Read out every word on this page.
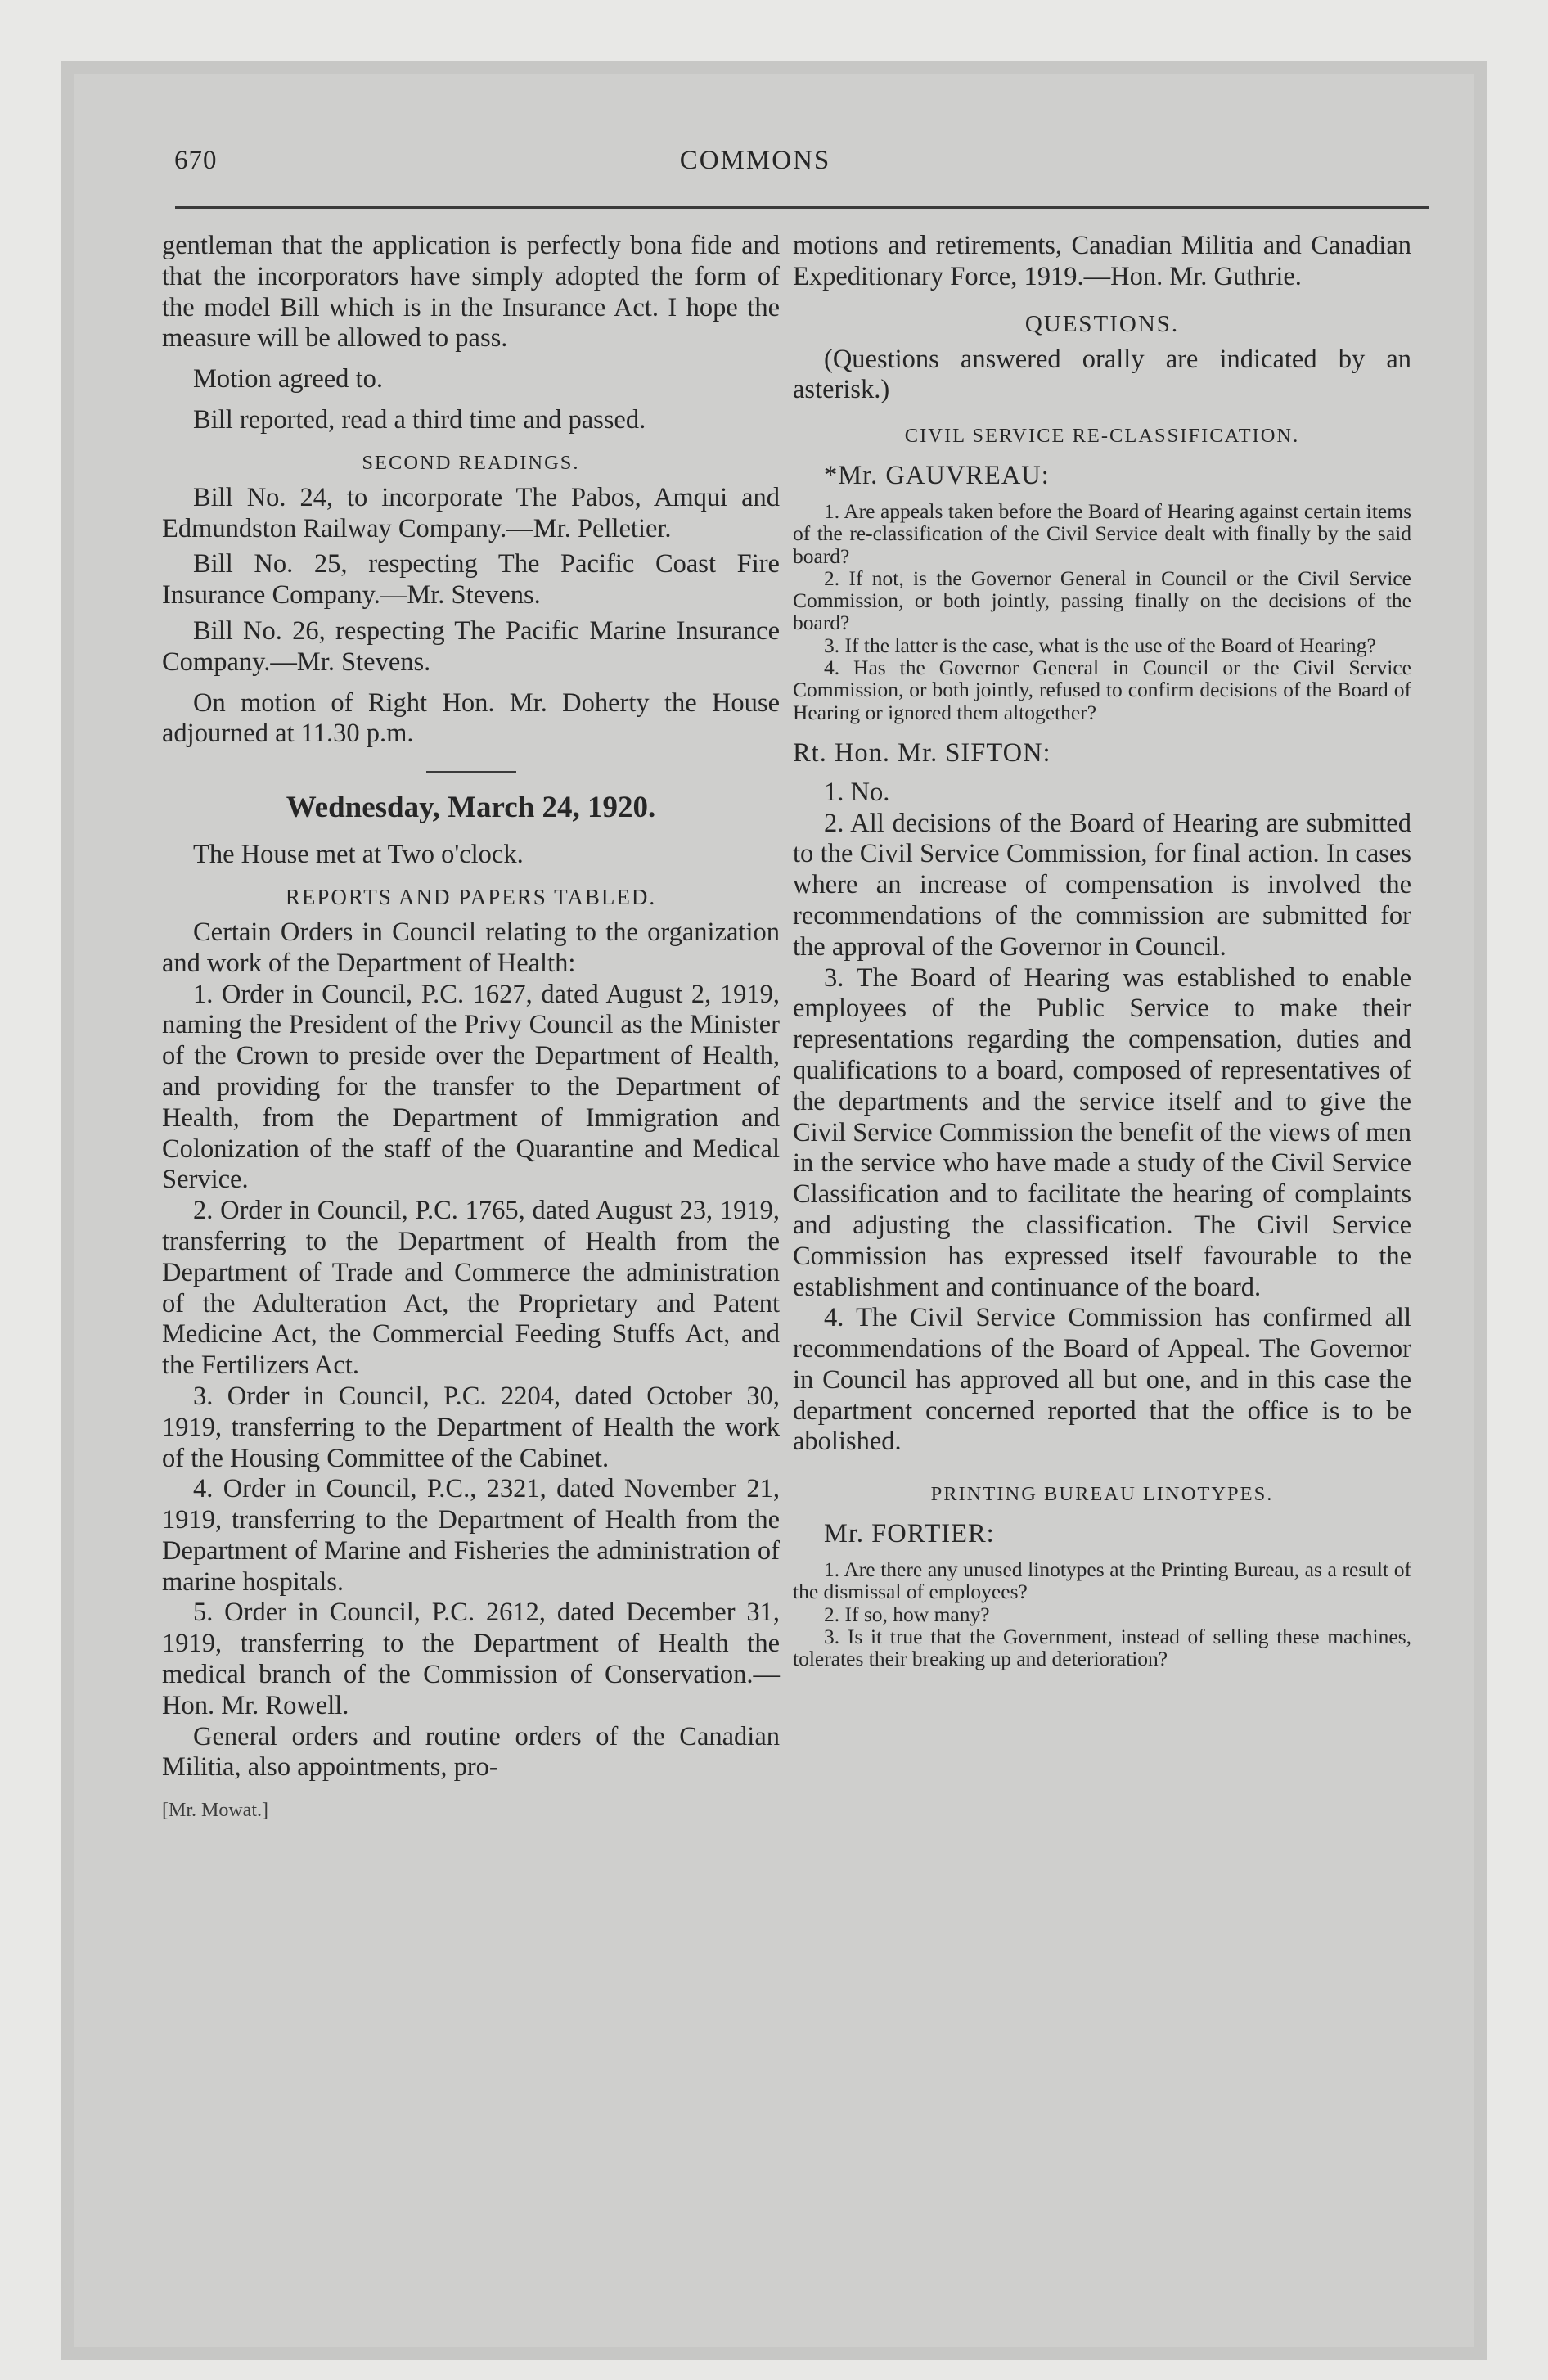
670	COMMONS

gentleman that the application is perfectly bona fide and that the incorporators have simply adopted the form of the model Bill which is in the Insurance Act. I hope the measure will be allowed to pass.

Motion agreed to.

Bill reported, read a third time and passed.

SECOND READINGS.

Bill No. 24, to incorporate The Pabos, Amqui and Edmundston Railway Company.—Mr. Pelletier.

Bill No. 25, respecting The Pacific Coast Fire Insurance Company.—Mr. Stevens.

Bill No. 26, respecting The Pacific Marine Insurance Company.—Mr. Stevens.

On motion of Right Hon. Mr. Doherty the House adjourned at 11.30 p.m.

Wednesday, March 24, 1920.

The House met at Two o'clock.

REPORTS AND PAPERS TABLED.

Certain Orders in Council relating to the organization and work of the Department of Health:

1. Order in Council, P.C. 1627, dated August 2, 1919, naming the President of the Privy Council as the Minister of the Crown to preside over the Department of Health, and providing for the transfer to the Department of Health, from the Department of Immigration and Colonization of the staff of the Quarantine and Medical Service.

2. Order in Council, P.C. 1765, dated August 23, 1919, transferring to the Department of Health from the Department of Trade and Commerce the administration of the Adulteration Act, the Proprietary and Patent Medicine Act, the Commercial Feeding Stuffs Act, and the Fertilizers Act.

3. Order in Council, P.C. 2204, dated October 30, 1919, transferring to the Department of Health the work of the Housing Committee of the Cabinet.

4. Order in Council, P.C., 2321, dated November 21, 1919, transferring to the Department of Health from the Department of Marine and Fisheries the administration of marine hospitals.

5. Order in Council, P.C. 2612, dated December 31, 1919, transferring to the Department of Health the medical branch of the Commission of Conservation.—Hon. Mr. Rowell.

General orders and routine orders of the Canadian Militia, also appointments, pro-

[Mr. Mowat.]

motions and retirements, Canadian Militia and Canadian Expeditionary Force, 1919.—Hon. Mr. Guthrie.

QUESTIONS.

(Questions answered orally are indicated by an asterisk.)

CIVIL SERVICE RE-CLASSIFICATION.
*Mr. GAUVREAU:

1. Are appeals taken before the Board of Hearing against certain items of the re-classification of the Civil Service dealt with finally by the said board?

2. If not, is the Governor General in Council or the Civil Service Commission, or both jointly, passing finally on the decisions of the board?

3. If the latter is the case, what is the use of the Board of Hearing?

4. Has the Governor General in Council or the Civil Service Commission, or both jointly, refused to confirm decisions of the Board of Hearing or ignored them altogether?

Rt. Hon. Mr. SIFTON:

1. No.

2. All decisions of the Board of Hearing are submitted to the Civil Service Commission, for final action. In cases where an increase of compensation is involved the recommendations of the commission are submitted for the approval of the Governor in Council.

3. The Board of Hearing was established to enable employees of the Public Service to make their representations regarding the compensation, duties and qualifications to a board, composed of representatives of the departments and the service itself and to give the Civil Service Commission the benefit of the views of men in the service who have made a study of the Civil Service Classification and to facilitate the hearing of complaints and adjusting the classification. The Civil Service Commission has expressed itself favourable to the establishment and continuance of the board.

4. The Civil Service Commission has confirmed all recommendations of the Board of Appeal. The Governor in Council has approved all but one, and in this case the department concerned reported that the office is to be abolished.

PRINTING BUREAU LINOTYPES.
Mr. FORTIER:

1. Are there any unused linotypes at the Printing Bureau, as a result of the dismissal of employees?

2. If so, how many?

3. Is it true that the Government, instead of selling these machines, tolerates their breaking up and deterioration?
